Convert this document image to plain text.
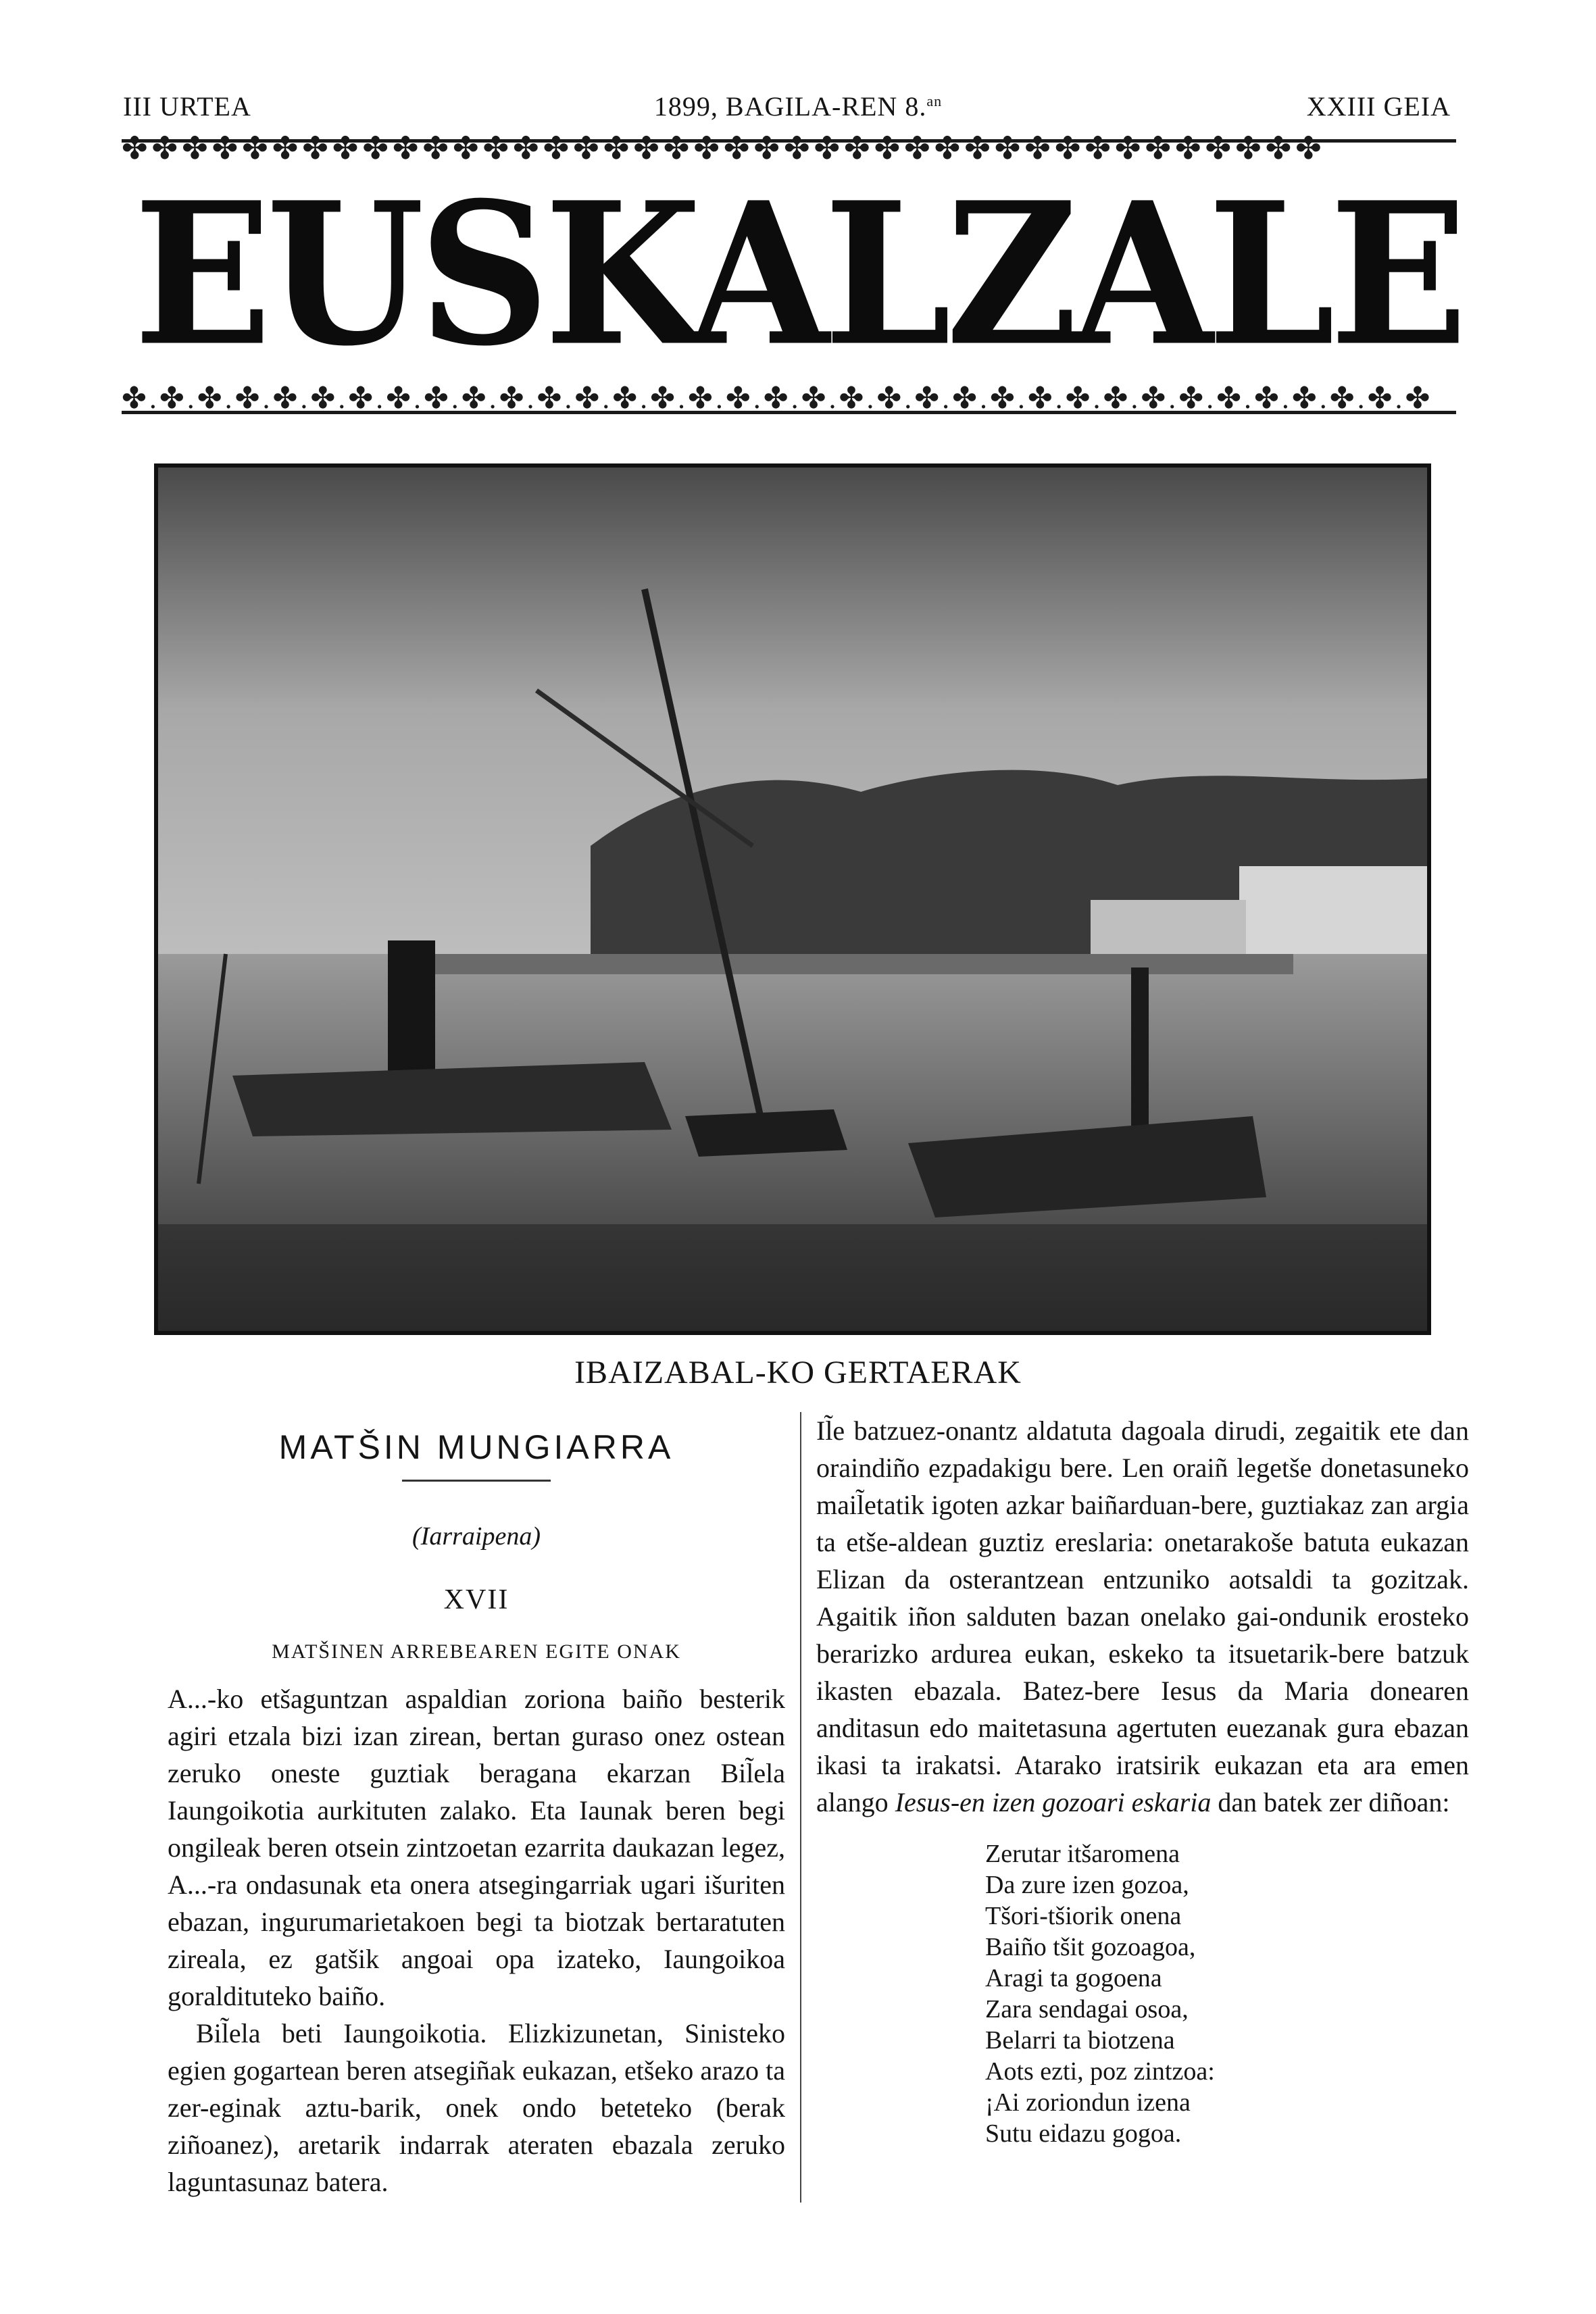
III URTEA	1899, BAGILA-REN 8.$^{an}$	XXIII GEIA
✤✤✤✤✤✤✤✤✤✤✤✤✤✤✤✤✤✤✤✤✤✤✤✤✤✤✤✤✤✤✤✤✤✤✤✤✤✤✤✤
EUSKALZALE
✤.✤.✤.✤.✤.✤.✤.✤.✤.✤.✤.✤.✤.✤.✤.✤.✤.✤.✤.✤.✤.✤.✤.✤.✤.✤.✤.✤.✤.✤.✤.✤.✤.✤.✤
IBAIZABAL-KO GERTAERAK
MATŠIN MUNGIARRA
(Iarraipena)
XVII
MATŠINEN ARREBEAREN EGITE ONAK

A...-ko etšaguntzan aspaldian zoriona baiño besterik agiri etzala bizi izan zirean, bertan guraso onez ostean zeruko oneste guztiak beragana ekarzan Bil̃ela Iaungoikotia aurkituten zalako. Eta Iaunak beren begi ongileak beren otsein zintzoetan ezarrita daukazan legez, A...-ra ondasunak eta onera atsegingarriak ugari išuriten ebazan, ingurumarietakoen begi ta biotzak bertaratuten zireala, ez gatšik angoai opa izateko, Iaungoikoa goraldituteko baiño.

Bil̃ela beti Iaungoikotia. Elizkizunetan, Sinisteko egien gogartean beren atsegiñak eukazan, etšeko arazo ta zer-eginak aztu-barik, onek ondo beteteko (berak ziñoanez), aretarik indarrak ateraten ebazala zeruko laguntasunaz batera.

Il̃e batzuez-onantz aldatuta dagoala dirudi, zegaitik ete dan oraindiño ezpadakigu bere. Len oraiñ legetše donetasuneko mail̃etatik igoten azkar baiñarduan-bere, guztiakaz zan argia ta etše-aldean guztiz ereslaria: onetarakoše batuta eukazan Elizan da osterantzean entzuniko aotsaldi ta gozitzak. Agaitik iñon salduten bazan onelako gai-ondunik erosteko berarizko ardurea eukan, eskeko ta itsuetarik-bere batzuk ikasten ebazala. Batez-bere Iesus da Maria donearen anditasun edo maitetasuna agertuten euezanak gura ebazan ikasi ta irakatsi. Atarako iratsirik eukazan eta ara emen alango Iesus-en izen gozoari eskaria dan batek zer diñoan:

Zerutar itšaromena
Da zure izen gozoa,
Tšori-tšiorik onena
Baiño tšit gozoagoa,
Aragi ta gogoena
Zara sendagai osoa,
Belarri ta biotzena
Aots ezti, poz zintzoa:
¡Ai zoriondun izena
Sutu eidazu gogoa.
